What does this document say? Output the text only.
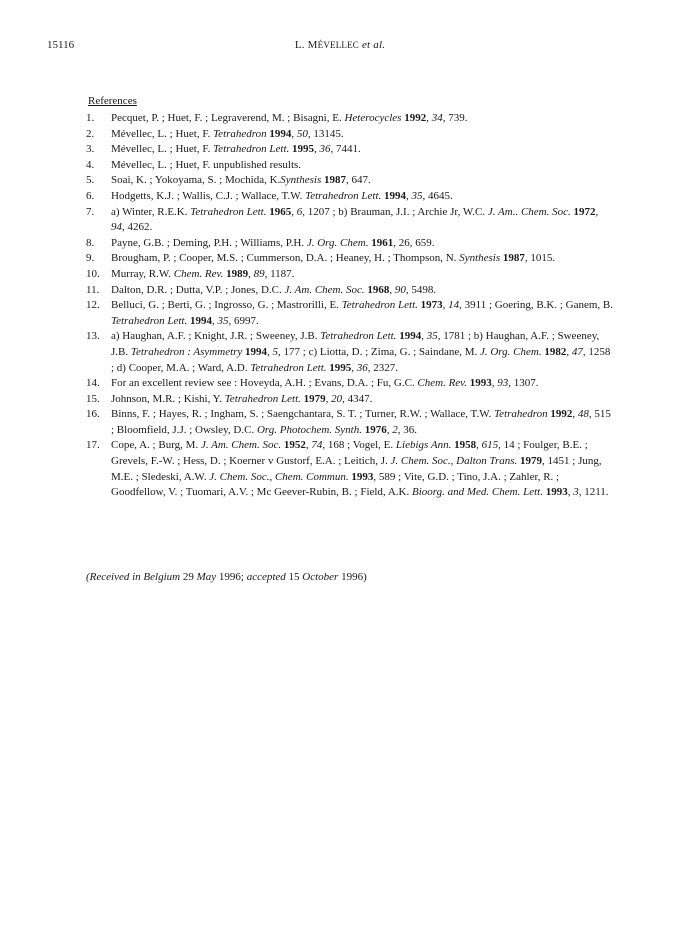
15116	L. MÉVELLEC et al.
References
1.	Pecquet, P. ; Huet, F. ; Legraverend, M. ; Bisagni, E. Heterocycles 1992, 34, 739.
2.	Mévellec, L. ; Huet, F. Tetrahedron 1994, 50, 13145.
3.	Mévellec, L. ; Huet, F. Tetrahedron Lett. 1995, 36, 7441.
4.	Mévellec, L. ; Huet, F. unpublished results.
5.	Soai, K. ; Yokoyama, S. ; Mochida, K.Synthesis 1987, 647.
6.	Hodgetts, K.J. ; Wallis, C.J. ; Wallace, T.W. Tetrahedron Lett. 1994, 35, 4645.
7.	a) Winter, R.E.K. Tetrahedron Lett. 1965, 6, 1207 ; b) Brauman, J.I. ; Archie Jr, W.C. J. Am.. Chem. Soc. 1972, 94, 4262.
8.	Payne, G.B. ; Deming, P.H. ; Williams, P.H. J. Org. Chem. 1961, 26, 659.
9.	Brougham, P. ; Cooper, M.S. ; Cummerson, D.A. ; Heaney, H. ; Thompson, N. Synthesis 1987, 1015.
10.	Murray, R.W. Chem. Rev. 1989, 89, 1187.
11.	Dalton, D.R. ; Dutta, V.P. ; Jones, D.C. J. Am. Chem. Soc. 1968, 90, 5498.
12.	Belluci, G. ; Berti, G. ; Ingrosso, G. ; Mastrorilli, E. Tetrahedron Lett. 1973, 14, 3911 ; Goering, B.K. ; Ganem, B. Tetrahedron Lett. 1994, 35, 6997.
13.	a) Haughan, A.F. ; Knight, J.R. ; Sweeney, J.B. Tetrahedron Lett. 1994, 35, 1781 ; b) Haughan, A.F. ; Sweeney, J.B. Tetrahedron : Asymmetry 1994, 5, 177 ; c) Liotta, D. ; Zima, G. ; Saindane, M. J. Org. Chem. 1982, 47, 1258 ; d) Cooper, M.A. ; Ward, A.D. Tetrahedron Lett. 1995, 36, 2327.
14.	For an excellent review see : Hoveyda, A.H. ; Evans, D.A. ; Fu, G.C. Chem. Rev. 1993, 93, 1307.
15.	Johnson, M.R. ; Kishi, Y. Tetrahedron Lett. 1979, 20, 4347.
16.	Binns, F. ; Hayes, R. ; Ingham, S. ; Saengchantara, S. T. ; Turner, R.W. ; Wallace, T.W. Tetrahedron 1992, 48, 515 ; Bloomfield, J.J. ; Owsley, D.C. Org. Photochem. Synth. 1976, 2, 36.
17.	Cope, A. ; Burg, M. J. Am. Chem. Soc. 1952, 74, 168 ; Vogel, E. Liebigs Ann. 1958, 615, 14 ; Foulger, B.E. ; Grevels, F.-W. ; Hess, D. ; Koerner v Gustorf, E.A. ; Leitich, J. J. Chem. Soc., Dalton Trans. 1979, 1451 ; Jung, M.E. ; Sledeski, A.W. J. Chem. Soc., Chem. Commun. 1993, 589 ; Vite, G.D. ; Tino, J.A. ; Zahler, R. ; Goodfellow, V. ; Tuomari, A.V. ; Mc Geever-Rubin, B. ; Field, A.K. Bioorg. and Med. Chem. Lett. 1993, 3, 1211.
(Received in Belgium 29 May 1996; accepted 15 October 1996)
